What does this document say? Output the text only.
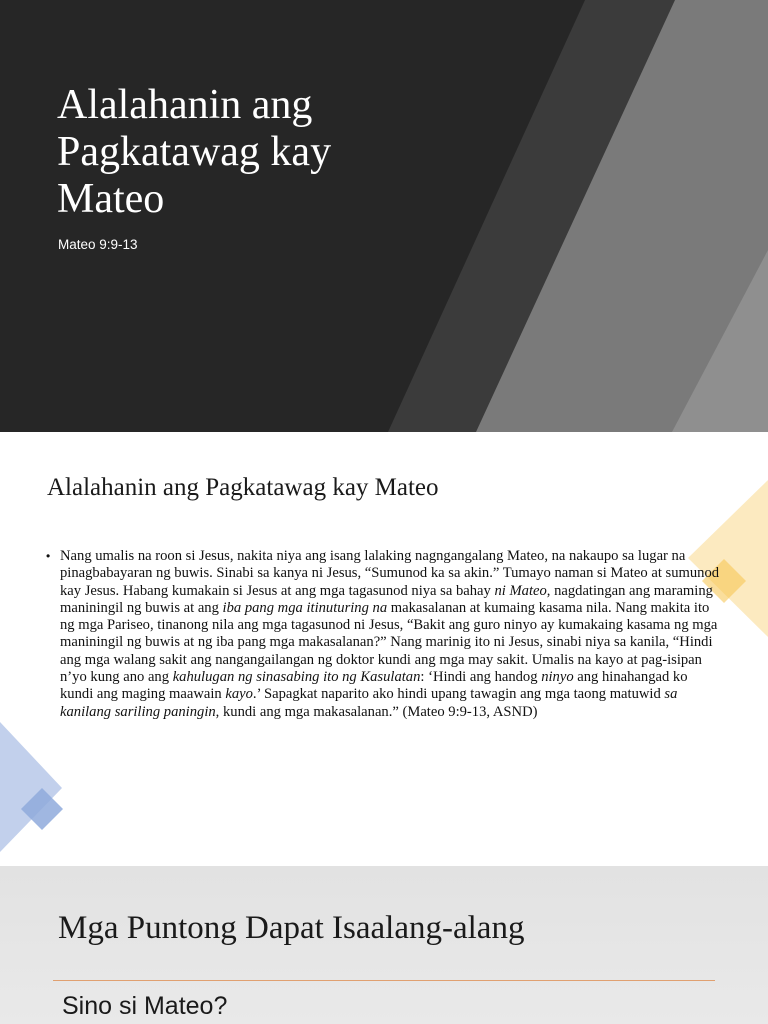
Alalahanin ang
Pagkatawag kay
Mateo
Mateo 9:9-13
Alalahanin ang Pagkatawag kay Mateo
• Nang umalis na roon si Jesus, nakita niya ang isang lalaking nagngangalang Mateo, na nakaupo sa lugar na pinagbabayaran ng buwis. Sinabi sa kanya ni Jesus, “Sumunod ka sa akin.” Tumayo naman si Mateo at sumunod kay Jesus. Habang kumakain si Jesus at ang mga tagasunod niya sa bahay ni Mateo, nagdatingan ang maraming maniningil ng buwis at ang iba pang mga itinuturing na makasalanan at kumaing kasama nila. Nang makita ito ng mga Pariseo, tinanong nila ang mga tagasunod ni Jesus, “Bakit ang guro ninyo ay kumakaing kasama ng mga maniningil ng buwis at ng iba pang mga makasalanan?” Nang marinig ito ni Jesus, sinabi niya sa kanila, “Hindi ang mga walang sakit ang nangangailangan ng doktor kundi ang mga may sakit. Umalis na kayo at pag-isipan n’yo kung ano ang kahulugan ng sinasabing ito ng Kasulatan: ‘Hindi ang handog ninyo ang hinahangad ko kundi ang maging maawain kayo.’ Sapagkat naparito ako hindi upang tawagin ang mga taong matuwid sa kanilang sariling paningin, kundi ang mga makasalanan.” (Mateo 9:9-13, ASND)
Mga Puntong Dapat Isaalang-alang
Sino si Mateo?
